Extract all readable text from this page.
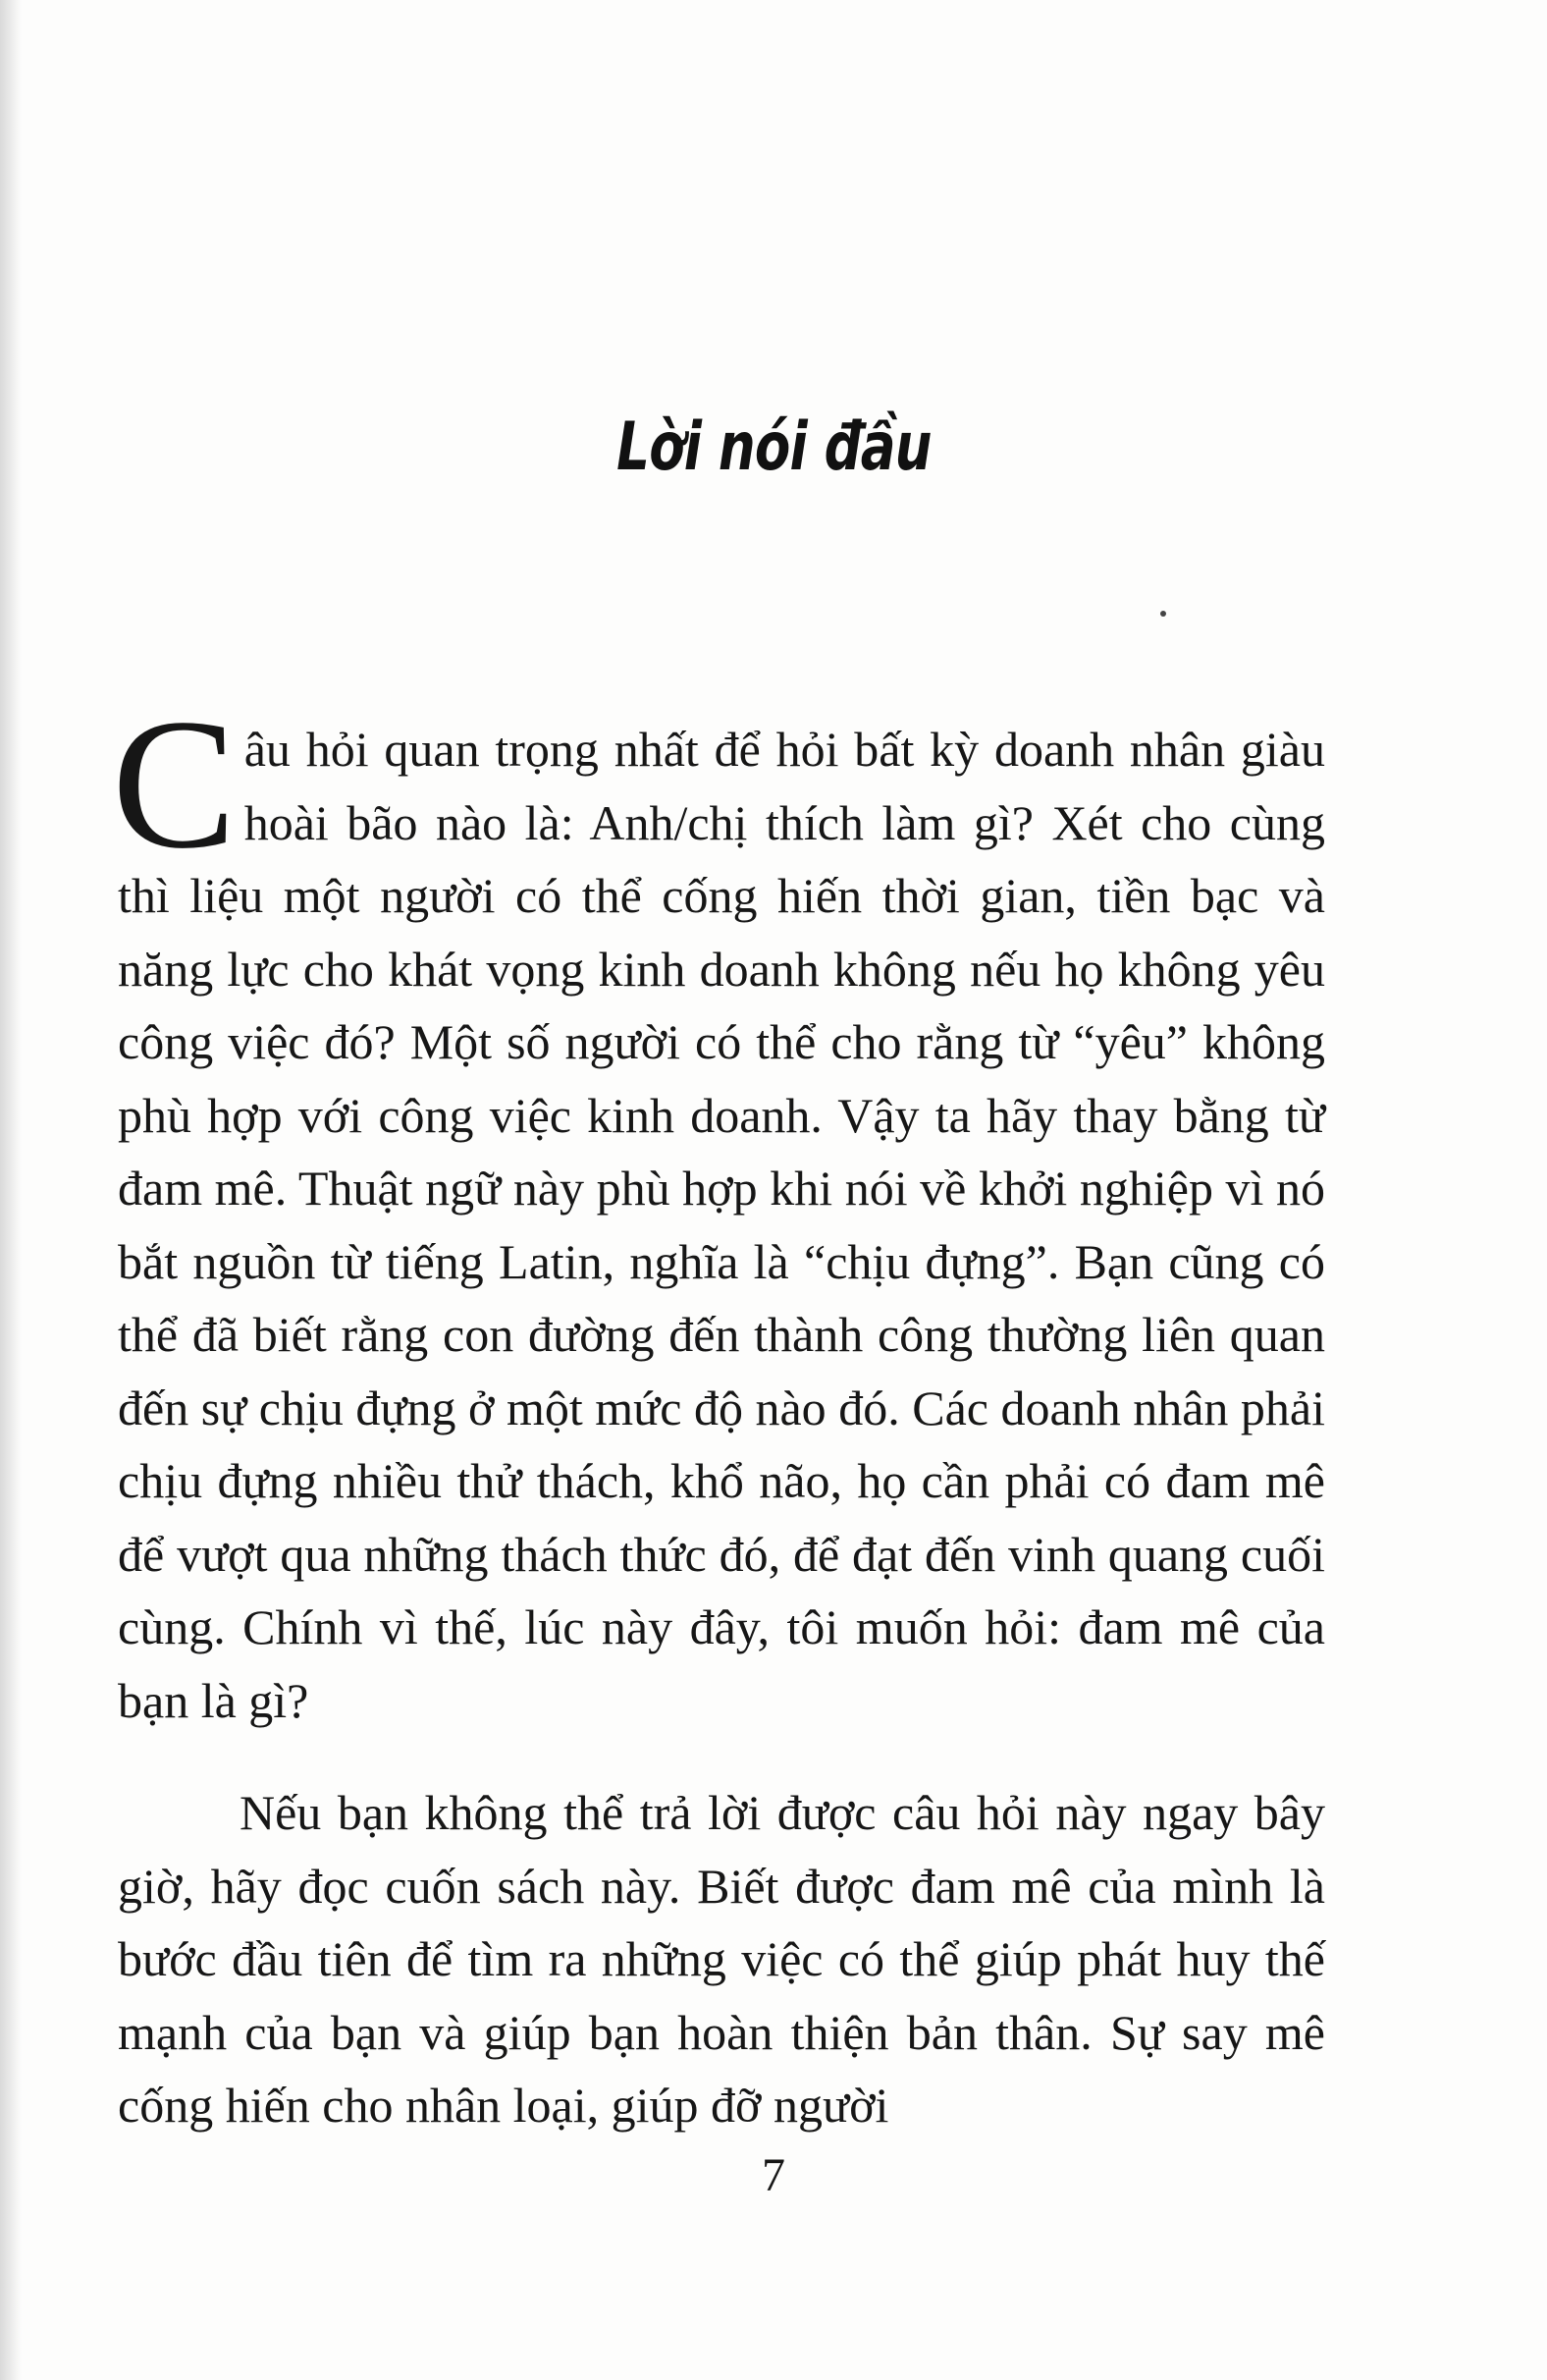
Lời nói đầu

Câu hỏi quan trọng nhất để hỏi bất kỳ doanh nhân giàu hoài bão nào là: Anh/chị thích làm gì? Xét cho cùng thì liệu một người có thể cống hiến thời gian, tiền bạc và năng lực cho khát vọng kinh doanh không nếu họ không yêu công việc đó? Một số người có thể cho rằng từ “yêu” không phù hợp với công việc kinh doanh. Vậy ta hãy thay bằng từ đam mê. Thuật ngữ này phù hợp khi nói về khởi nghiệp vì nó bắt nguồn từ tiếng Latin, nghĩa là “chịu đựng”. Bạn cũng có thể đã biết rằng con đường đến thành công thường liên quan đến sự chịu đựng ở một mức độ nào đó. Các doanh nhân phải chịu đựng nhiều thử thách, khổ não, họ cần phải có đam mê để vượt qua những thách thức đó, để đạt đến vinh quang cuối cùng. Chính vì thế, lúc này đây, tôi muốn hỏi: đam mê của bạn là gì?

Nếu bạn không thể trả lời được câu hỏi này ngay bây giờ, hãy đọc cuốn sách này. Biết được đam mê của mình là bước đầu tiên để tìm ra những việc có thể giúp phát huy thế mạnh của bạn và giúp bạn hoàn thiện bản thân. Sự say mê cống hiến cho nhân loại, giúp đỡ người

7
